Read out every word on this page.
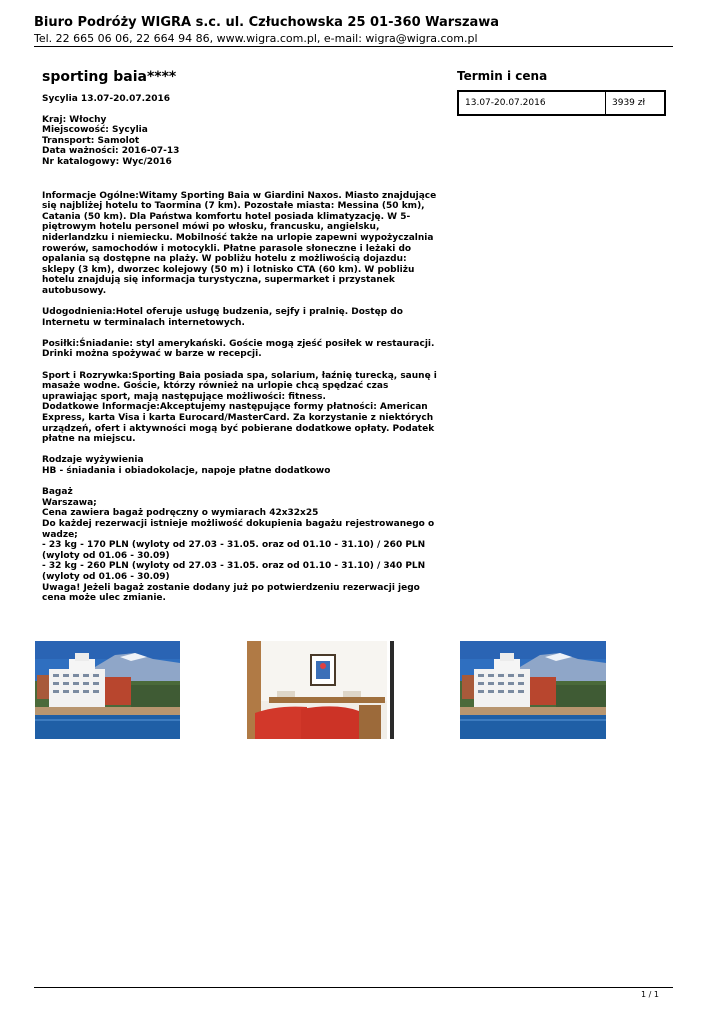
Biuro Podróży WIGRA s.c. ul. Człuchowska 25 01-360 Warszawa
Tel. 22 665 06 06, 22 664 94 86, www.wigra.com.pl, e-mail: wigra@wigra.com.pl
sporting baia****
Sycylia 13.07-20.07.2016
Kraj: Włochy
Miejscowość: Sycylia
Transport: Samolot
Data ważności: 2016-07-13
Nr katalogowy: Wyc/2016

Informacje Ogólne:Witamy Sporting Baia w Giardini Naxos. Miasto znajdujące się najbliżej hotelu to Taormina (7 km). Pozostałe miasta: Messina (50 km), Catania (50 km). Dla Państwa komfortu hotel posiada klimatyzację. W 5-piętrowym hotelu personel mówi po włosku, francusku, angielsku, niderlandzku i niemiecku. Mobilność także na urlopie zapewni wypożyczalnia rowerów, samochodów i motocykli. Płatne parasole słoneczne i leżaki do opalania są dostępne na plaży. W pobliżu hotelu z możliwością dojazdu: sklepy (3 km), dworzec kolejowy (50 m) i lotnisko CTA (60 km). W pobliżu hotelu znajdują się informacja turystyczna, supermarket i przystanek autobusowy.

Udogodnienia:Hotel oferuje usługę budzenia, sejfy i pralnię. Dostęp do Internetu w terminalach internetowych.

Posiłki:Śniadanie: styl amerykański. Goście mogą zjeść posiłek w restauracji. Drinki można spożywać w barze w recepcji.

Sport i Rozrywka:Sporting Baia posiada spa, solarium, łaźnię turecką, saunę i masaże wodne. Goście, którzy również na urlopie chcą spędzać czas uprawiając sport, mają następujące możliwości: fitness.

Dodatkowe Informacje:Akceptujemy następujące formy płatności: American Express, karta Visa i karta Eurocard/MasterCard. Za korzystanie z niektórych urządzeń, ofert i aktywności mogą być pobierane dodatkowe opłaty. Podatek płatne na miejscu.

Rodzaje wyżywienia

HB - śniadania i obiadokolacje, napoje płatne dodatkowo

Bagaż
Warszawa;
Cena zawiera bagaż podręczny o wymiarach 42x32x25
Do każdej rezerwacji istnieje możliwość dokupienia bagażu rejestrowanego o wadze;
- 23 kg - 170 PLN (wyloty od 27.03 - 31.05. oraz od 01.10 - 31.10) / 260 PLN (wyloty od 01.06 - 30.09)
- 32 kg - 260 PLN (wyloty od 27.03 - 31.05. oraz od 01.10 - 31.10) / 340 PLN (wyloty od 01.06 - 30.09)
Uwaga! Jeżeli bagaż zostanie dodany już po potwierdzeniu rezerwacji jego cena może ulec zmianie.
Termin i cena
13.07-20.07.2016	3939 zł
1 / 1
